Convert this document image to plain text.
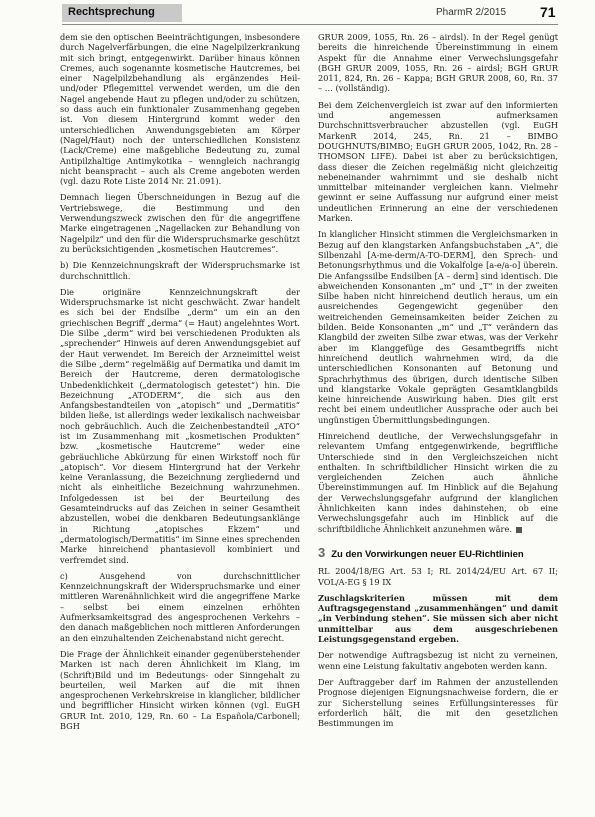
Rechtsprechung	PharmR 2/2015 71

dem sie den optischen Beeinträchtigungen, insbesondere durch Nagelverfärbungen, die eine Nagelpilzerkrankung mit sich bringt, entgegenwirkt. Darüber hinaus können Cremes, auch sogenannte kosmetische Hautcremes, bei einer Nagelpilzbehandlung als ergänzendes Heil- und/oder Pflegemittel verwendet werden, um die den Nagel angebende Haut zu pflegen und/oder zu schützen, so dass auch ein funktionaler Zusammenhang gegeben ist. Von diesem Hintergrund kommt weder den unterschiedlichen Anwendungsgebieten am Körper (Nagel/Haut) noch der unterschiedlichen Konsistenz (Lack/Creme) eine maßgebliche Bedeutung zu, zumal Antipilzhaltige Antimykotika – wenngleich nachrangig nicht beanspracht – auch als Creme angeboten werden (vgl. dazu Rote Liste 2014 Nr. 21.091).

Demnach liegen Überschneidungen in Bezug auf die Vertriebswege, die Bestimmung und den Verwendungszweck zwischen den für die angegriffene Marke eingetragenen „Nagellacken zur Behandlung von Nagelpilz“ und den für die Widerspruchsmarke geschützt zu berücksichtigenden „kosmetischen Hautcremes“.

b) Die Kennzeichnungskraft der Widerspruchsmarke ist durchschnittlich.

Die originäre Kennzeichnungskraft der Widerspruchsmarke ist nicht geschwächt. Zwar handelt es sich bei der Endsilbe „derm“ um ein an den griechischen Begriff „derma“ (= Haut) angelehntes Wort. Die Silbe „derm“ wird bei verschiedenen Produkten als „sprechender“ Hinweis auf deren Anwendungsgebiet auf der Haut verwendet. Im Bereich der Arzneimittel weist die Silbe „derm“ regelmäßig auf Dermatika und damit im Bereich der Hautcreme, deren dermatologische Unbedenklichkeit („dermatologisch getestet“) hin. Die Bezeichnung „ATODERM“, die sich aus den Anfangsbestandteilen von „atopisch“ und „Dermatitis“ bilden ließe, ist allerdings weder lexikalisch nachweisbar noch gebräuchlich. Auch die Zeichenbestandteil „ATO“ ist im Zusammenhang mit „kosmetischen Produkten“ bzw. „kosmetische Hautcreme“ weder eine gebräuchliche Abkürzung für einen Wirkstoff noch für „atopisch“. Vor diesem Hintergrund hat der Verkehr keine Veranlassung, die Bezeichnung zergliedernd und nicht als einheitliche Bezeichnung wahrzunehmen. Infolgedessen ist bei der Beurteilung des Gesamteindrucks auf das Zeichen in seiner Gesamtheit abzustellen, wobei die denkbaren Bedeutungsanklänge in Richtung „atopisches Ekzem“ und „dermatologisch/Dermatitis“ im Sinne eines sprechenden Marke hinreichend phantasievoll kombiniert und verfremdet sind.

c) Ausgehend von durchschnittlicher Kennzeichnungskraft der Widerspruchsmarke und einer mittleren Warenähnlichkeit wird die angegriffene Marke – selbst bei einem einzelnen erhöhten Aufmerksamkeitsgrad des angesprochenen Verkehrs – den danach maßgeblichen noch mittleren Anforderungen an den einzuhaltenden Zeichenabstand nicht gerecht.

Die Frage der Ähnlichkeit einander gegenüberstehender Marken ist nach deren Ähnlichkeit im Klang, im (Schrift)Bild und im Bedeutungs- oder Sinngehalt zu beurteilen, weil Marken auf die mit ihnen angesprochenen Verkehrskreise in klanglicher, bildlicher und begrifflicher Hinsicht wirken können (vgl. EuGH GRUR Int. 2010, 129, Rn. 60 – La Española/Carbonell; BGH

GRUR 2009, 1055, Rn. 26 – airdsl). In der Regel genügt bereits die hinreichende Übereinstimmung in einem Aspekt für die Annahme einer Verwechslungsgefahr (BGH GRUR 2009, 1055, Rn. 26 – airdsl; BGH GRUR 2011, 824, Rn. 26 – Kappa; BGH GRUR 2008, 60, Rn. 37 – … (vollständig).

Bei dem Zeichenvergleich ist zwar auf den informierten und angemessen aufmerksamen Durchschnittsverbraucher abzustellen (vgl. EuGH MarkenR 2014, 245, Rn. 21 – BIMBO DOUGHNUTS/BIMBO; EuGH GRUR 2005, 1042, Rn. 28 – THOMSON LIFE). Dabei ist aber zu berücksichtigen, dass dieser die Zeichen regelmäßig nicht gleichzeitig nebeneinander wahrnimmt und sie deshalb nicht unmittelbar miteinander vergleichen kann. Vielmehr gewinnt er seine Auffassung nur aufgrund einer meist undeutlichen Erinnerung an eine der verschiedenen Marken.

In klanglicher Hinsicht stimmen die Vergleichsmarken in Bezug auf den klangstarken Anfangsbuchstaben „A“, die Silbenzahl [A-me-derm/A-TO-DERM], den Sprech- und Betonungsrhythmus und die Vokalfolge [a-e/a-o] überein. Die Anfangssilbe Endsilben [A – derm] sind identisch. Die abweichenden Konsonanten „m“ und „T“ in der zweiten Silbe haben nicht hinreichend deutlich heraus, um ein ausreichendes Gegengewicht gegenüber den weitreichenden Gemeinsamkeiten beider Zeichen zu bilden. Beide Konsonanten „m“ und „T“ verändern das Klangbild der zweiten Silbe zwar etwas, was der Verkehr aber im Klanggefüge des Gesamtbegriffs nicht hinreichend deutlich wahrnehmen wird, da die unterschiedlichen Konsonanten auf Betonung und Sprachrhythmus des übrigen, durch identische Silben und klangstarke Vokale geprägten Gesamtklangbilds keine hinreichende Auswirkung haben. Dies gilt erst recht bei einem undeutlicher Aussprache oder auch bei ungünstigen Übermittlungsbedingungen.

Hinreichend deutliche, der Verwechslungsgefahr in relevantem Umfang entgegenwirkende, begriffliche Unterschiede sind in den Vergleichszeichen nicht enthalten. In schriftbildlicher Hinsicht wirken die zu vergleichenden Zeichen auch ähnliche Übereinstimmungen auf. Im Hinblick auf die Bejahung der Verwechslungsgefahr aufgrund der klanglichen Ähnlichkeiten kann indes dahinstehen, ob eine Verwechslungsgefahr auch im Hinblick auf die schriftbildliche Ähnlichkeit anzunehmen wäre.

3 Zu den Vorwirkungen neuer EU-Richtlinien

RL 2004/18/EG Art. 53 I; RL 2014/24/EU Art. 67 II; VOL/A-EG § 19 IX

Zuschlagskriterien müssen mit dem Auftragsgegenstand „zusammenhängen“ und damit „in Verbindung stehen“. Sie müssen sich aber nicht unmittelbar aus dem ausgeschriebenen Leistungsgegenstand ergeben.

Der notwendige Auftragsbezug ist nicht zu verneinen, wenn eine Leistung fakultativ angeboten werden kann.

Der Auftraggeber darf im Rahmen der anzustellenden Prognose diejenigen Eignungsnachweise fordern, die er zur Sicherstellung seines Erfüllungsinteresses für erforderlich hält, die mit den gesetzlichen Bestimmungen im
